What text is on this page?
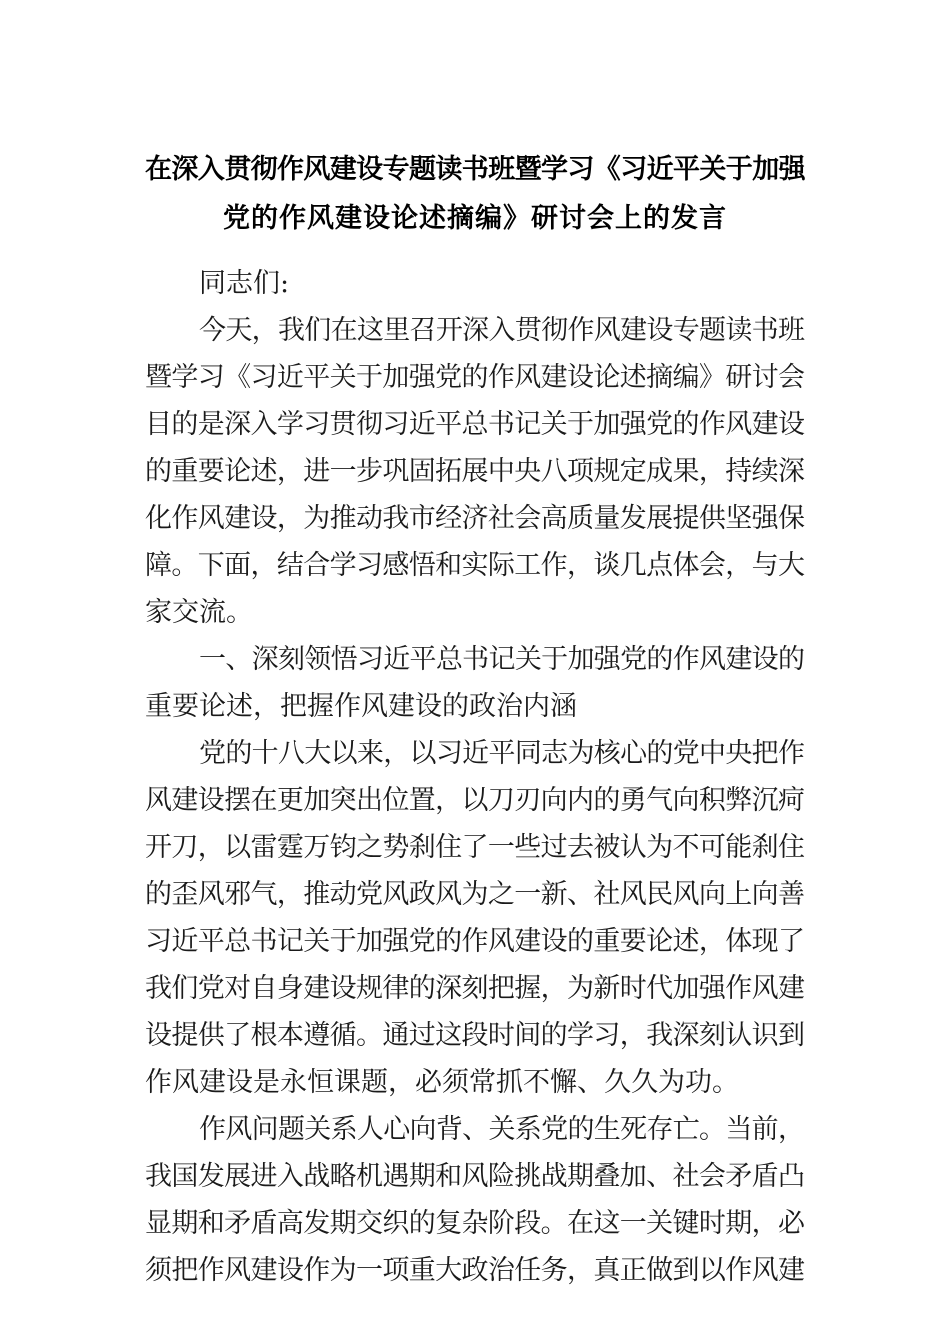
在深入贯彻作风建设专题读书班暨学习《习近平关于加强
党的作风建设论述摘编》研讨会上的发言
同志们:
今天，我们在这里召开深入贯彻作风建设专题读书班
暨学习《习近平关于加强党的作风建设论述摘编》研讨会
目的是深入学习贯彻习近平总书记关于加强党的作风建设
的重要论述，进一步巩固拓展中央八项规定成果，持续深
化作风建设，为推动我市经济社会高质量发展提供坚强保
障。下面，结合学习感悟和实际工作，谈几点体会，与大
家交流。
一、深刻领悟习近平总书记关于加强党的作风建设的
重要论述，把握作风建设的政治内涵
党的十八大以来，以习近平同志为核心的党中央把作
风建设摆在更加突出位置，以刀刃向内的勇气向积弊沉疴
开刀，以雷霆万钧之势刹住了一些过去被认为不可能刹住
的歪风邪气，推动党风政风为之一新、社风民风向上向善
习近平总书记关于加强党的作风建设的重要论述，体现了
我们党对自身建设规律的深刻把握，为新时代加强作风建
设提供了根本遵循。通过这段时间的学习，我深刻认识到
作风建设是永恒课题，必须常抓不懈、久久为功。
作风问题关系人心向背、关系党的生死存亡。当前，
我国发展进入战略机遇期和风险挑战期叠加、社会矛盾凸
显期和矛盾高发期交织的复杂阶段。在这一关键时期，必
须把作风建设作为一项重大政治任务，真正做到以作风建
